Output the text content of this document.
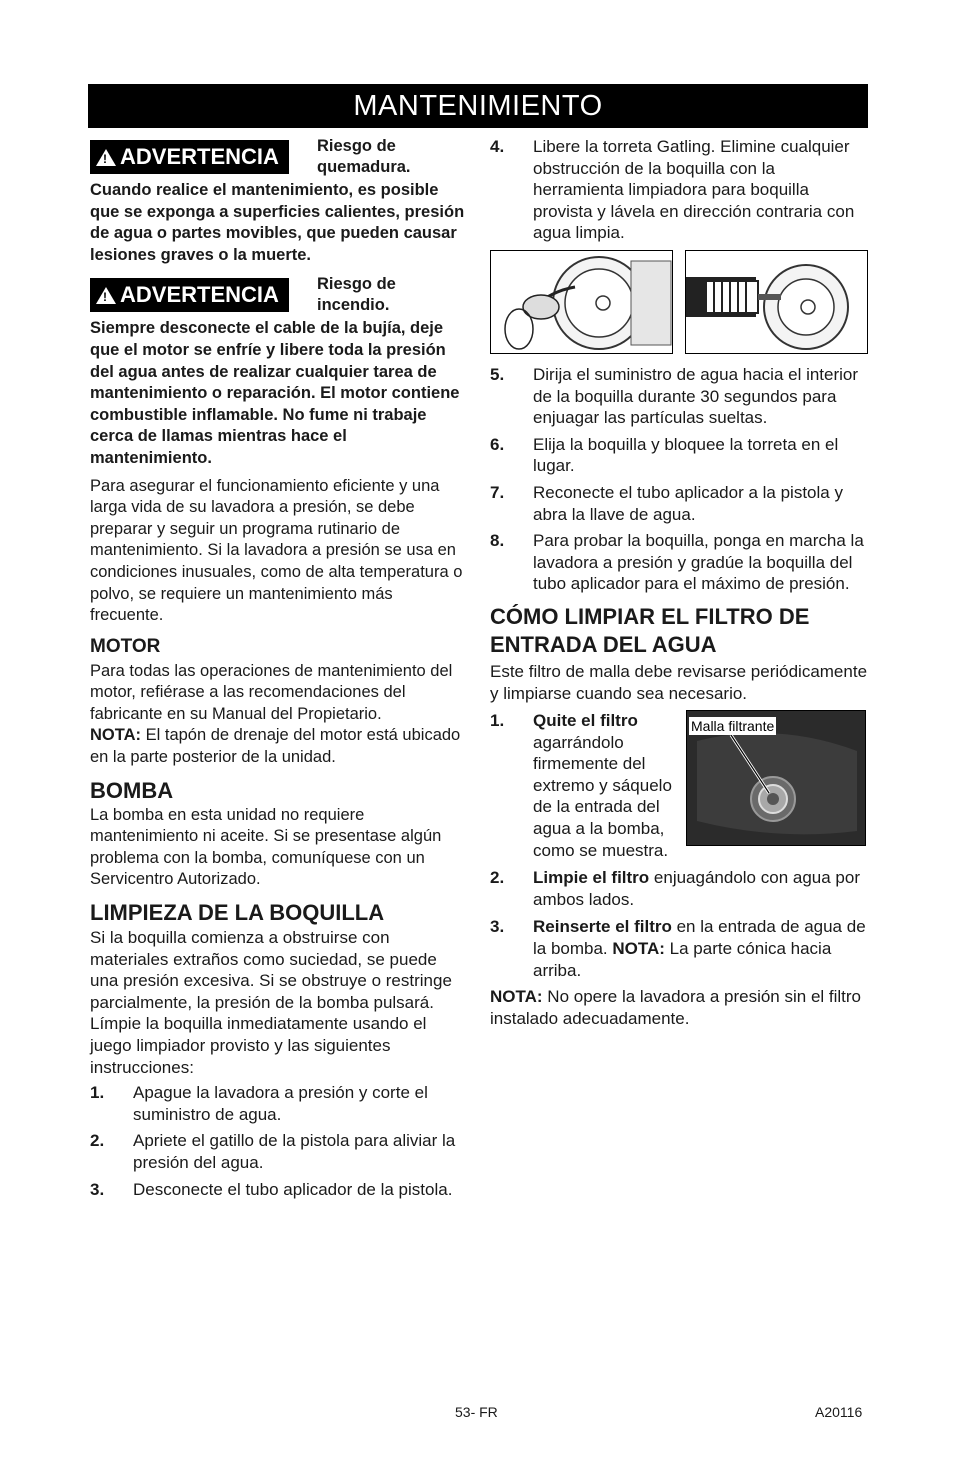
MANTENIMIENTO
! ADVERTENCIA Riesgo de quemadura.

Cuando realice el mantenimiento, es posible que se exponga a superficies calientes, presión de agua o partes movibles, que pueden causar lesiones graves o la muerte.

! ADVERTENCIA Riesgo de incendio.

Siempre desconecte el cable de la bujía, deje que el motor se enfríe y libere toda la presión del agua antes de realizar cualquier tarea de mantenimiento o reparación. El motor contiene combustible inflamable. No fume ni trabaje cerca de llamas mientras hace el mantenimiento.

Para asegurar el funcionamiento eficiente y una larga vida de su lavadora a presión, se debe preparar y seguir un programa rutinario de mantenimiento. Si la lavadora a presión se usa en condiciones inusuales, como de alta temperatura o polvo, se requiere un mantenimiento más frecuente.

MOTOR

Para todas las operaciones de mantenimiento del motor, refiérase a las recomendaciones del fabricante en su Manual del Propietario.
NOTA: El tapón de drenaje del motor está ubicado en la parte posterior de la unidad.

BOMBA

La bomba en esta unidad no requiere mantenimiento ni aceite. Si se presentase algún problema con la bomba, comuníquese con un Servicentro Autorizado.

LIMPIEZA DE LA BOQUILLA

Si la boquilla comienza a obstruirse con materiales extraños como suciedad, se puede una presión excesiva. Si se obstruye o restringe parcialmente, la presión de la bomba pulsará. Límpie la boquilla inmediatamente usando el juego limpiador provisto y las siguientes instrucciones:

1. Apague la lavadora a presión y corte el suministro de agua.
2. Apriete el gatillo de la pistola para aliviar la presión del agua.
3. Desconecte el tubo aplicador de la pistola.
4. Libere la torreta Gatling. Elimine cualquier obstrucción de la boquilla con la herramienta limpiadora para boquilla provista y lávela en dirección contraria con agua limpia.
5. Dirija el suministro de agua hacia el interior de la boquilla durante 30 segundos para enjuagar las partículas sueltas.
6. Elija la boquilla y bloquee la torreta en el lugar.
7. Reconecte el tubo aplicador a la pistola y abra la llave de agua.
8. Para probar la boquilla, ponga en marcha la lavadora a presión y gradúe la boquilla del tubo aplicador para el máximo de presión.
CÓMO LIMPIAR EL FILTRO DE ENTRADA DEL AGUA

Este filtro de malla debe revisarse periódicamente y limpiarse cuando sea necesario.

1. Quite el filtro agarrándolo firmemente del extremo y sáquelo de la entrada del agua a la bomba, como se muestra.
Malla filtrante
2. Limpie el filtro enjuagándolo con agua por ambos lados.
3. Reinserte el filtro en la entrada de agua de la bomba. NOTA: La parte cónica hacia arriba.

NOTA: No opere la lavadora a presión sin el filtro instalado adecuadamente.

53- FR	A20116
